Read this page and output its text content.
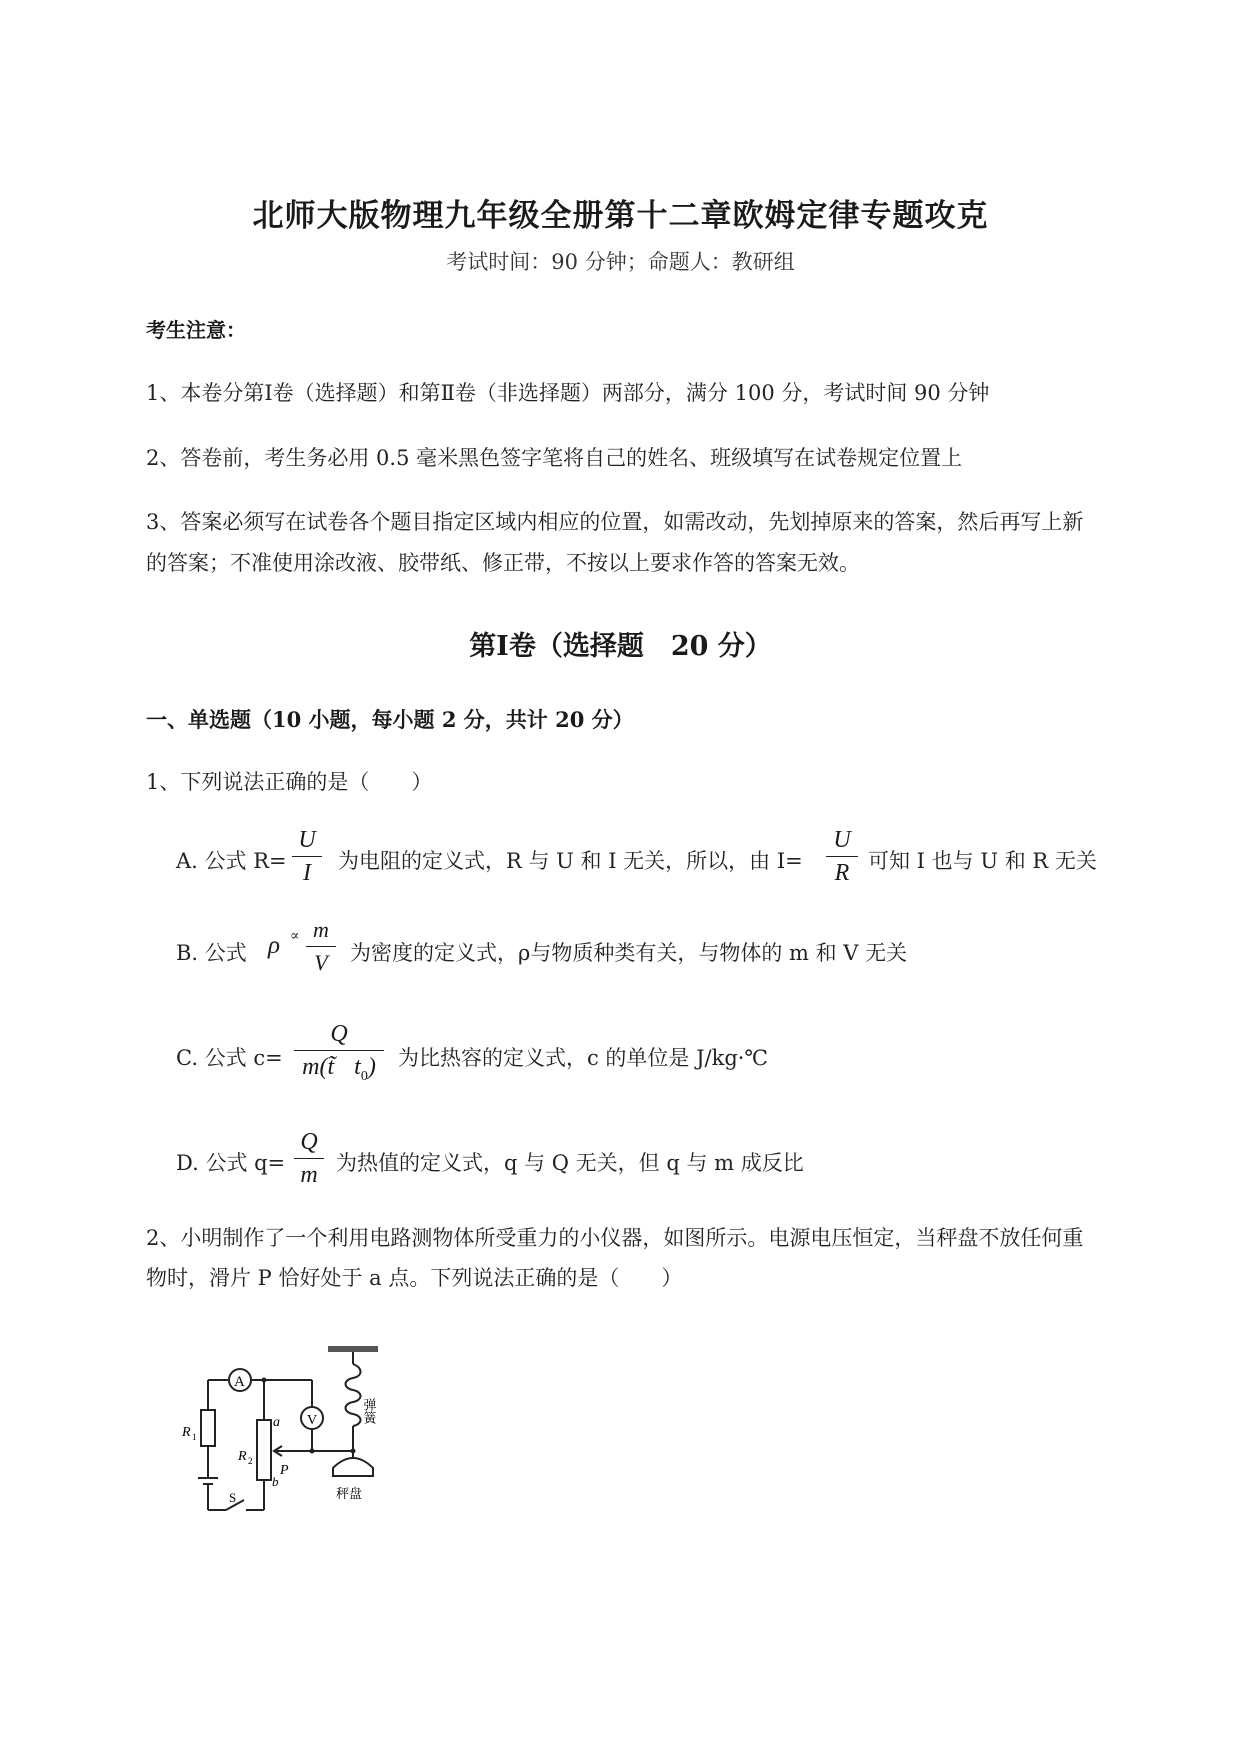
北师大版物理九年级全册第十二章欧姆定律专题攻克
考试时间：90 分钟；命题人：教研组
考生注意：
1、本卷分第Ⅰ卷（选择题）和第Ⅱ卷（非选择题）两部分，满分 100 分，考试时间 90 分钟
2、答卷前，考生务必用 0.5 毫米黑色签字笔将自己的姓名、班级填写在试卷规定位置上
3、答案必须写在试卷各个题目指定区域内相应的位置，如需改动，先划掉原来的答案，然后再写上新
的答案；不准使用涂改液、胶带纸、修正带，不按以上要求作答的答案无效。
第Ⅰ卷（选择题　20 分）
一、单选题（10 小题，每小题 2 分，共计 20 分）
1、下列说法正确的是（　　）
A. 公式 R=
U
I	为电阻的定义式，R 与 U 和 I 无关，所以，由 I=
U
R 可知 I 也与 U 和 R 无关
B. 公式 ρ ∝ m
V	为密度的定义式，ρ与物质种类有关，与物体的 m 和 V 无关
C. 公式 c=
Q
m(t̃ $t_0$)	为比热容的定义式，c 的单位是 J/kg·℃
D. 公式 q=
Q
m 为热值的定义式，q 与 Q 无关，但 q 与 m 成反比
2、小明制作了一个利用电路测物体所受重力的小仪器，如图所示。电源电压恒定，当秤盘不放任何重
物时，滑片 P 恰好处于 a 点。下列说法正确的是（　　）
A
V
R 1
R 2
a
b
P
S
弹簧
秤盘
